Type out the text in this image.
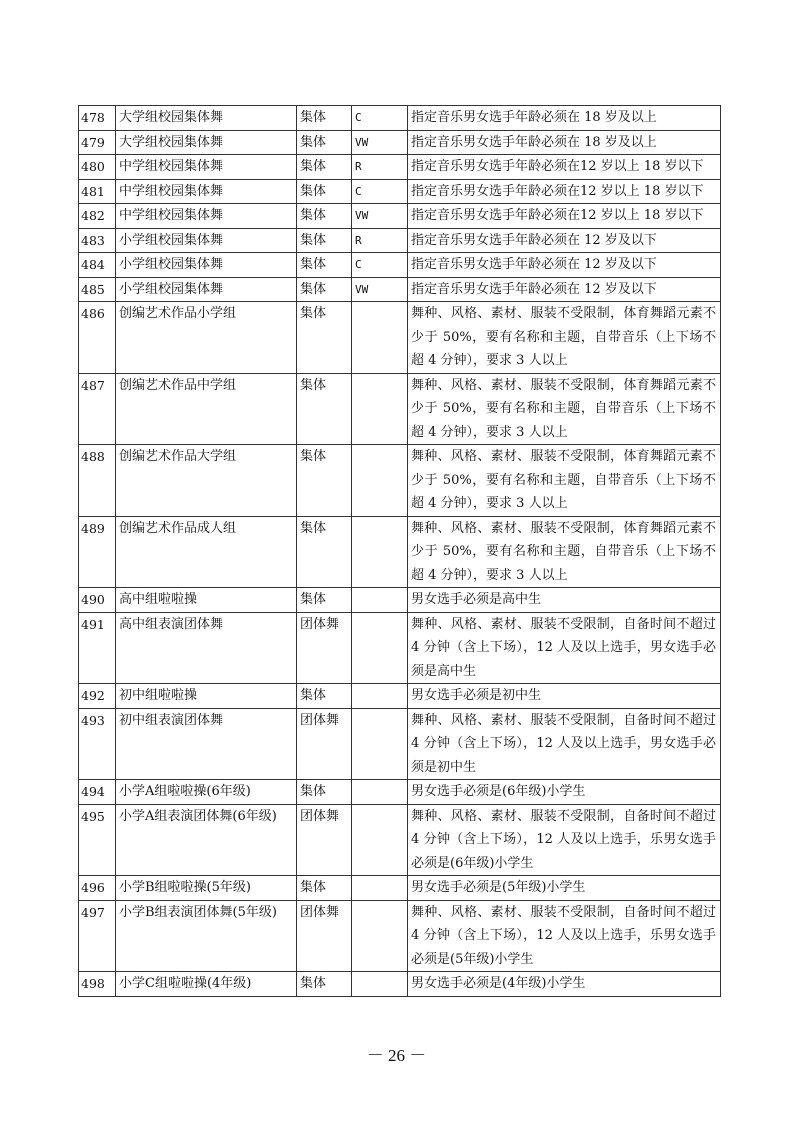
478	大学组校园集体舞	集体	C	指定音乐男女选手年龄必须在 18 岁及以上
479	大学组校园集体舞	集体	VW	指定音乐男女选手年龄必须在 18 岁及以上
480	中学组校园集体舞	集体	R	指定音乐男女选手年龄必须在12 岁以上 18 岁以下
481	中学组校园集体舞	集体	C	指定音乐男女选手年龄必须在12 岁以上 18 岁以下
482	中学组校园集体舞	集体	VW	指定音乐男女选手年龄必须在12 岁以上 18 岁以下
483	小学组校园集体舞	集体	R	指定音乐男女选手年龄必须在 12 岁及以下
484	小学组校园集体舞	集体	C	指定音乐男女选手年龄必须在 12 岁及以下
485	小学组校园集体舞	集体	VW	指定音乐男女选手年龄必须在 12 岁及以下
486	创编艺术作品小学组	集体		舞种、风格、素材、服装不受限制，体育舞蹈元素不少于 50%，要有名称和主题，自带音乐（上下场不超 4 分钟），要求 3 人以上
487	创编艺术作品中学组	集体		舞种、风格、素材、服装不受限制，体育舞蹈元素不少于 50%，要有名称和主题，自带音乐（上下场不超 4 分钟），要求 3 人以上
488	创编艺术作品大学组	集体		舞种、风格、素材、服装不受限制，体育舞蹈元素不少于 50%，要有名称和主题，自带音乐（上下场不超 4 分钟），要求 3 人以上
489	创编艺术作品成人组	集体		舞种、风格、素材、服装不受限制，体育舞蹈元素不少于 50%，要有名称和主题，自带音乐（上下场不超 4 分钟），要求 3 人以上
490	高中组啦啦操	集体		男女选手必须是高中生
491	高中组表演团体舞	团体舞		舞种、风格、素材、服装不受限制，自备时间不超过 4 分钟（含上下场），12 人及以上选手，男女选手必须是高中生
492	初中组啦啦操	集体		男女选手必须是初中生
493	初中组表演团体舞	团体舞		舞种、风格、素材、服装不受限制，自备时间不超过 4 分钟（含上下场），12 人及以上选手，男女选手必须是初中生
494	小学A组啦啦操(6年级)	集体		男女选手必须是(6年级)小学生
495	小学A组表演团体舞(6年级)	团体舞		舞种、风格、素材、服装不受限制，自备时间不超过 4 分钟（含上下场），12 人及以上选手，乐男女选手必须是(6年级)小学生
496	小学B组啦啦操(5年级)	集体		男女选手必须是(5年级)小学生
497	小学B组表演团体舞(5年级)	团体舞		舞种、风格、素材、服装不受限制，自备时间不超过 4 分钟（含上下场），12 人及以上选手，乐男女选手必须是(5年级)小学生
498	小学C组啦啦操(4年级)	集体		男女选手必须是(4年级)小学生
－ 26 －
